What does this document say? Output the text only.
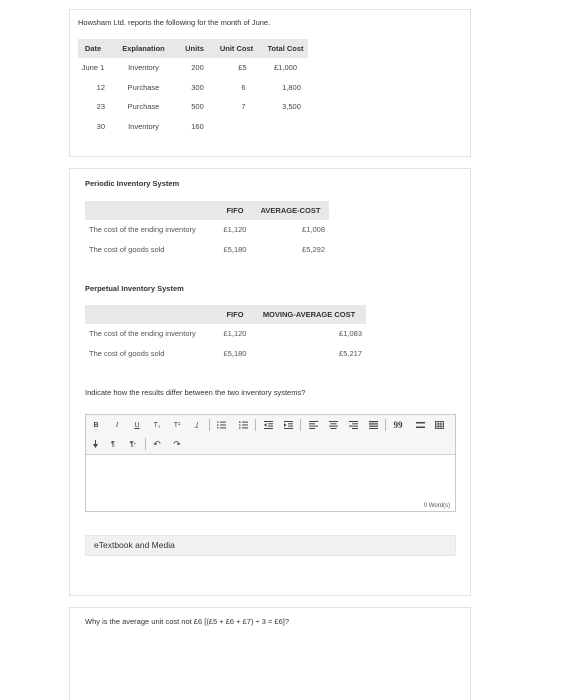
Howsham Ltd. reports the following for the month of June.
Date	Explanation	Units	Unit Cost	Total Cost
June 1	Inventory	200	£5	£1,000
12	Purchase	300	6	1,800
23	Purchase	500	7	3,500
30	Inventory	160		
Periodic Inventory System
	FIFO	AVERAGE-COST
The cost of the ending inventory	£1,120	£1,008
The cost of goods sold	£5,180	£5,292
Perpetual Inventory System
	FIFO	MOVING-AVERAGE COST
The cost of the ending inventory	£1,120	£1,083
The cost of goods sold	£5,180	£5,217
Indicate how the results differ between the two inventory systems?
B	I	U	T₁	T¹	I̲	99
¶	¶·	↶	↷
0 Word(s)
eTextbook and Media
Why is the average unit cost not £6 [(£5 + £6 + £7) ÷ 3 = £6]?
